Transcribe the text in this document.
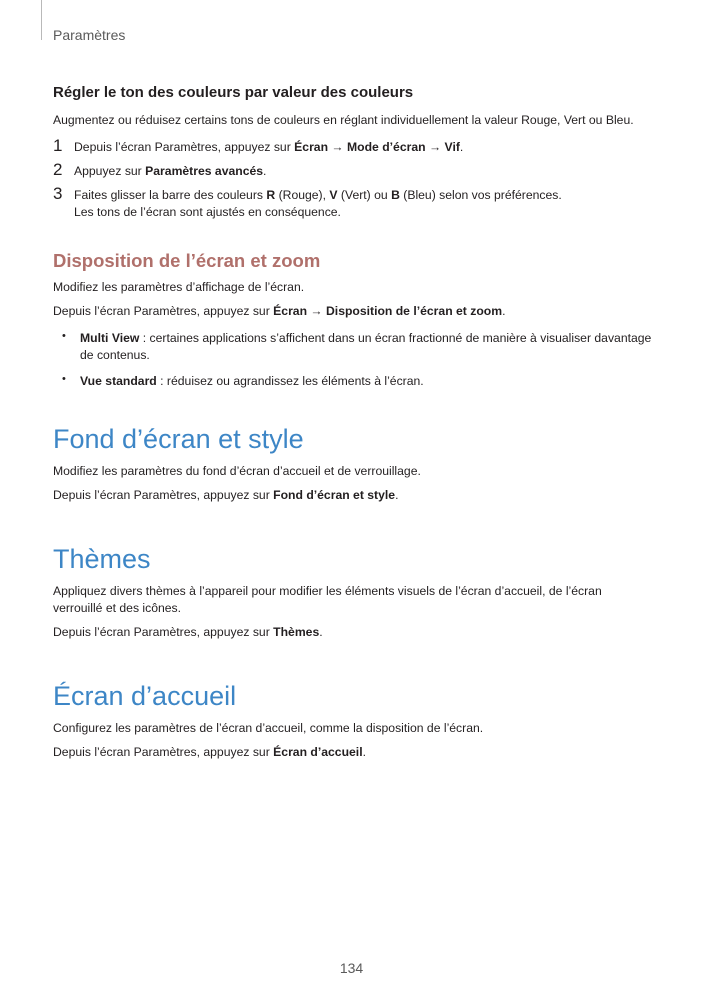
Paramètres
Régler le ton des couleurs par valeur des couleurs

Augmentez ou réduisez certains tons de couleurs en réglant individuellement la valeur Rouge, Vert ou Bleu.

1 Depuis l’écran Paramètres, appuyez sur Écran → Mode d’écran → Vif.

2 Appuyez sur Paramètres avancés.

3 Faites glisser la barre des couleurs R (Rouge), V (Vert) ou B (Bleu) selon vos préférences.
Les tons de l’écran sont ajustés en conséquence.

Disposition de l’écran et zoom

Modifiez les paramètres d’affichage de l’écran.

Depuis l’écran Paramètres, appuyez sur Écran → Disposition de l’écran et zoom.

• Multi View : certaines applications s’affichent dans un écran fractionné de manière à visualiser davantage de contenus.

• Vue standard : réduisez ou agrandissez les éléments à l’écran.

Fond d’écran et style

Modifiez les paramètres du fond d’écran d’accueil et de verrouillage.

Depuis l’écran Paramètres, appuyez sur Fond d’écran et style.

Thèmes

Appliquez divers thèmes à l’appareil pour modifier les éléments visuels de l’écran d’accueil, de l’écran verrouillé et des icônes.

Depuis l’écran Paramètres, appuyez sur Thèmes.

Écran d’accueil

Configurez les paramètres de l’écran d’accueil, comme la disposition de l’écran.

Depuis l’écran Paramètres, appuyez sur Écran d’accueil.

134
